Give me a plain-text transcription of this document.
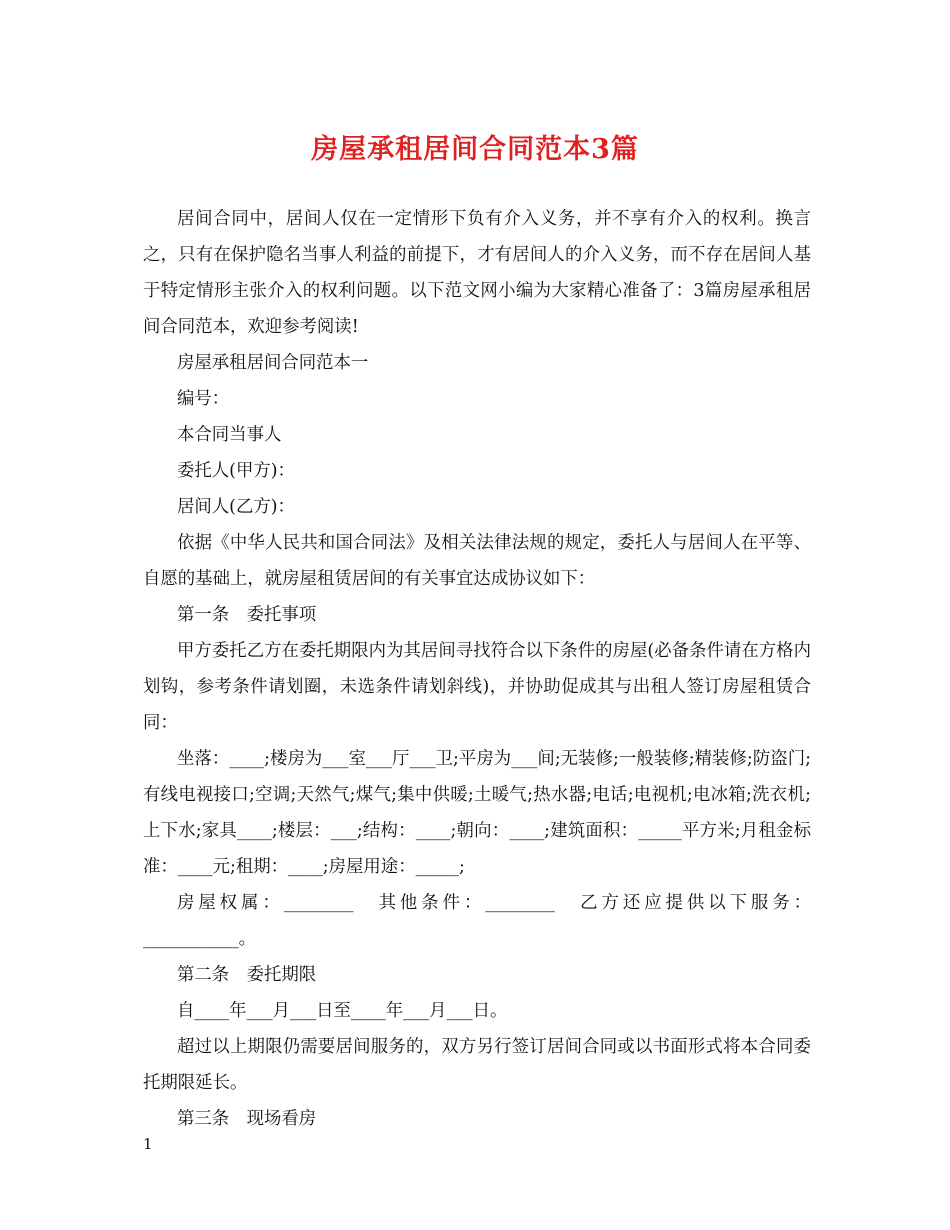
房屋承租居间合同范本3篇

居间合同中，居间人仅在一定情形下负有介入义务，并不享有介入的权利。换言之，只有在保护隐名当事人利益的前提下，才有居间人的介入义务，而不存在居间人基于特定情形主张介入的权利问题。以下范文网小编为大家精心准备了：3篇房屋承租居间合同范本，欢迎参考阅读!

房屋承租居间合同范本一

编号：

本合同当事人

委托人(甲方)：

居间人(乙方)：

依据《中华人民共和国合同法》及相关法律法规的规定，委托人与居间人在平等、自愿的基础上，就房屋租赁居间的有关事宜达成协议如下：

第一条　委托事项

甲方委托乙方在委托期限内为其居间寻找符合以下条件的房屋(必备条件请在方格内划钩，参考条件请划圈，未选条件请划斜线)，并协助促成其与出租人签订房屋租赁合同：

坐落：____;楼房为___室___厅___卫;平房为___间;无装修;一般装修;精装修;防盗门;有线电视接口;空调;天然气;煤气;集中供暖;土暖气;热水器;电话;电视机;电冰箱;洗衣机;上下水;家具____;楼层：___;结构：____;朝向：____;建筑面积：_____平方米;月租金标准：____元;租期：____;房屋用途：_____;

房屋权属：________　其他条件：________　乙方还应提供以下服务：___________。

第二条　委托期限

自____年___月___日至____年___月___日。

超过以上期限仍需要居间服务的，双方另行签订居间合同或以书面形式将本合同委托期限延长。

第三条　现场看房

1
